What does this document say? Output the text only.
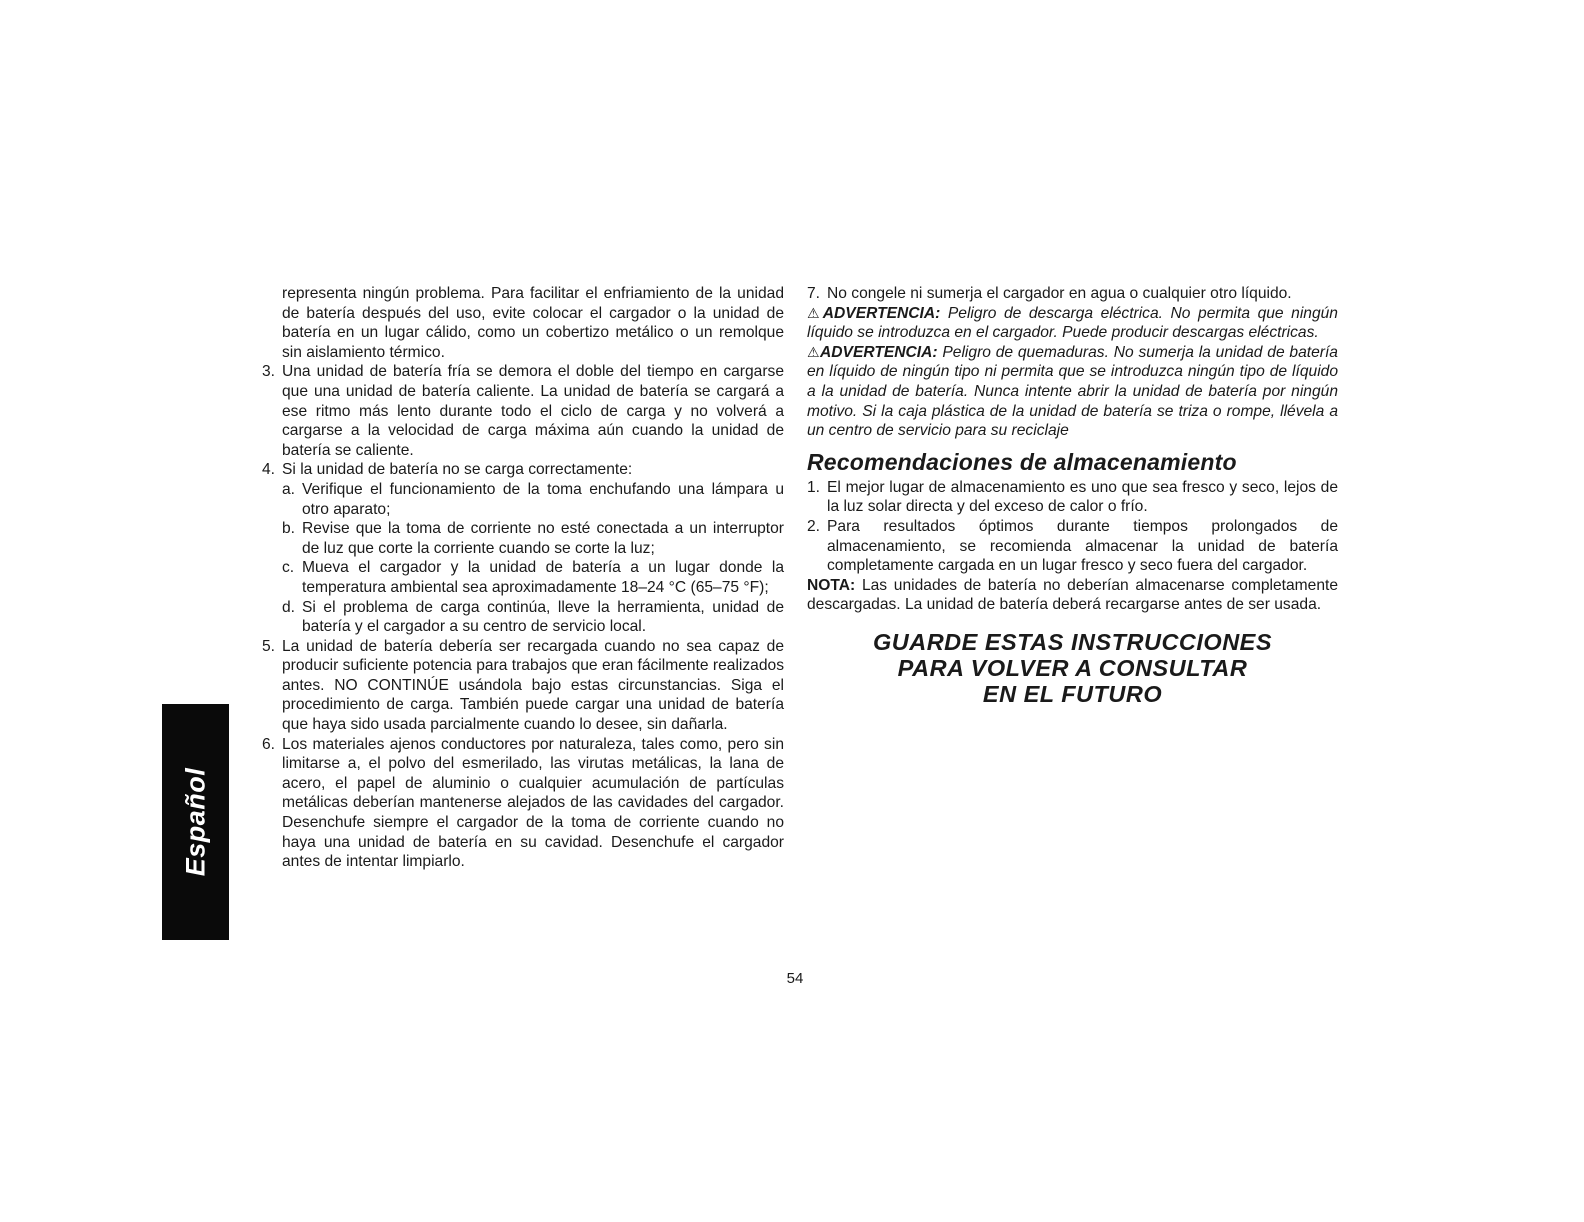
Español

representa ningún problema. Para facilitar el enfriamiento de la unidad de batería después del uso, evite colocar el cargador o la unidad de batería en un lugar cálido, como un cobertizo metálico o un remolque sin aislamiento térmico.

3. Una unidad de batería fría se demora el doble del tiempo en cargarse que una unidad de batería caliente. La unidad de batería se cargará a ese ritmo más lento durante todo el ciclo de carga y no volverá a cargarse a la velocidad de carga máxima aún cuando la unidad de batería se caliente.

4. Si la unidad de batería no se carga correctamente:

a. Verifique el funcionamiento de la toma enchufando una lámpara u otro aparato;

b. Revise que la toma de corriente no esté conectada a un interruptor de luz que corte la corriente cuando se corte la luz;

c. Mueva el cargador y la unidad de batería a un lugar donde la temperatura ambiental sea aproximadamente 18–24 °C (65–75 °F);

d. Si el problema de carga continúa, lleve la herramienta, unidad de batería y el cargador a su centro de servicio local.

5. La unidad de batería debería ser recargada cuando no sea capaz de producir suficiente potencia para trabajos que eran fácilmente realizados antes. NO CONTINÚE usándola bajo estas circunstancias. Siga el procedimiento de carga. También puede cargar una unidad de batería que haya sido usada parcialmente cuando lo desee, sin dañarla.

6. Los materiales ajenos conductores por naturaleza, tales como, pero sin limitarse a, el polvo del esmerilado, las virutas metálicas, la lana de acero, el papel de aluminio o cualquier acumulación de partículas metálicas deberían mantenerse alejados de las cavidades del cargador. Desenchufe siempre el cargador de la toma de corriente cuando no haya una unidad de batería en su cavidad. Desenchufe el cargador antes de intentar limpiarlo.

7. No congele ni sumerja el cargador en agua o cualquier otro líquido.

⚠ADVERTENCIA: Peligro de descarga eléctrica. No permita que ningún líquido se introduzca en el cargador. Puede producir descargas eléctricas.

⚠ADVERTENCIA: Peligro de quemaduras. No sumerja la unidad de batería en líquido de ningún tipo ni permita que se introduzca ningún tipo de líquido a la unidad de batería. Nunca intente abrir la unidad de batería por ningún motivo. Si la caja plástica de la unidad de batería se triza o rompe, llévela a un centro de servicio para su reciclaje

Recomendaciones de almacenamiento

1. El mejor lugar de almacenamiento es uno que sea fresco y seco, lejos de la luz solar directa y del exceso de calor o frío.

2. Para resultados óptimos durante tiempos prolongados de almacenamiento, se recomienda almacenar la unidad de batería completamente cargada en un lugar fresco y seco fuera del cargador.

NOTA: Las unidades de batería no deberían almacenarse completamente descargadas. La unidad de batería deberá recargarse antes de ser usada.

GUARDE ESTAS INSTRUCCIONES
PARA VOLVER A CONSULTAR
EN EL FUTURO
54
